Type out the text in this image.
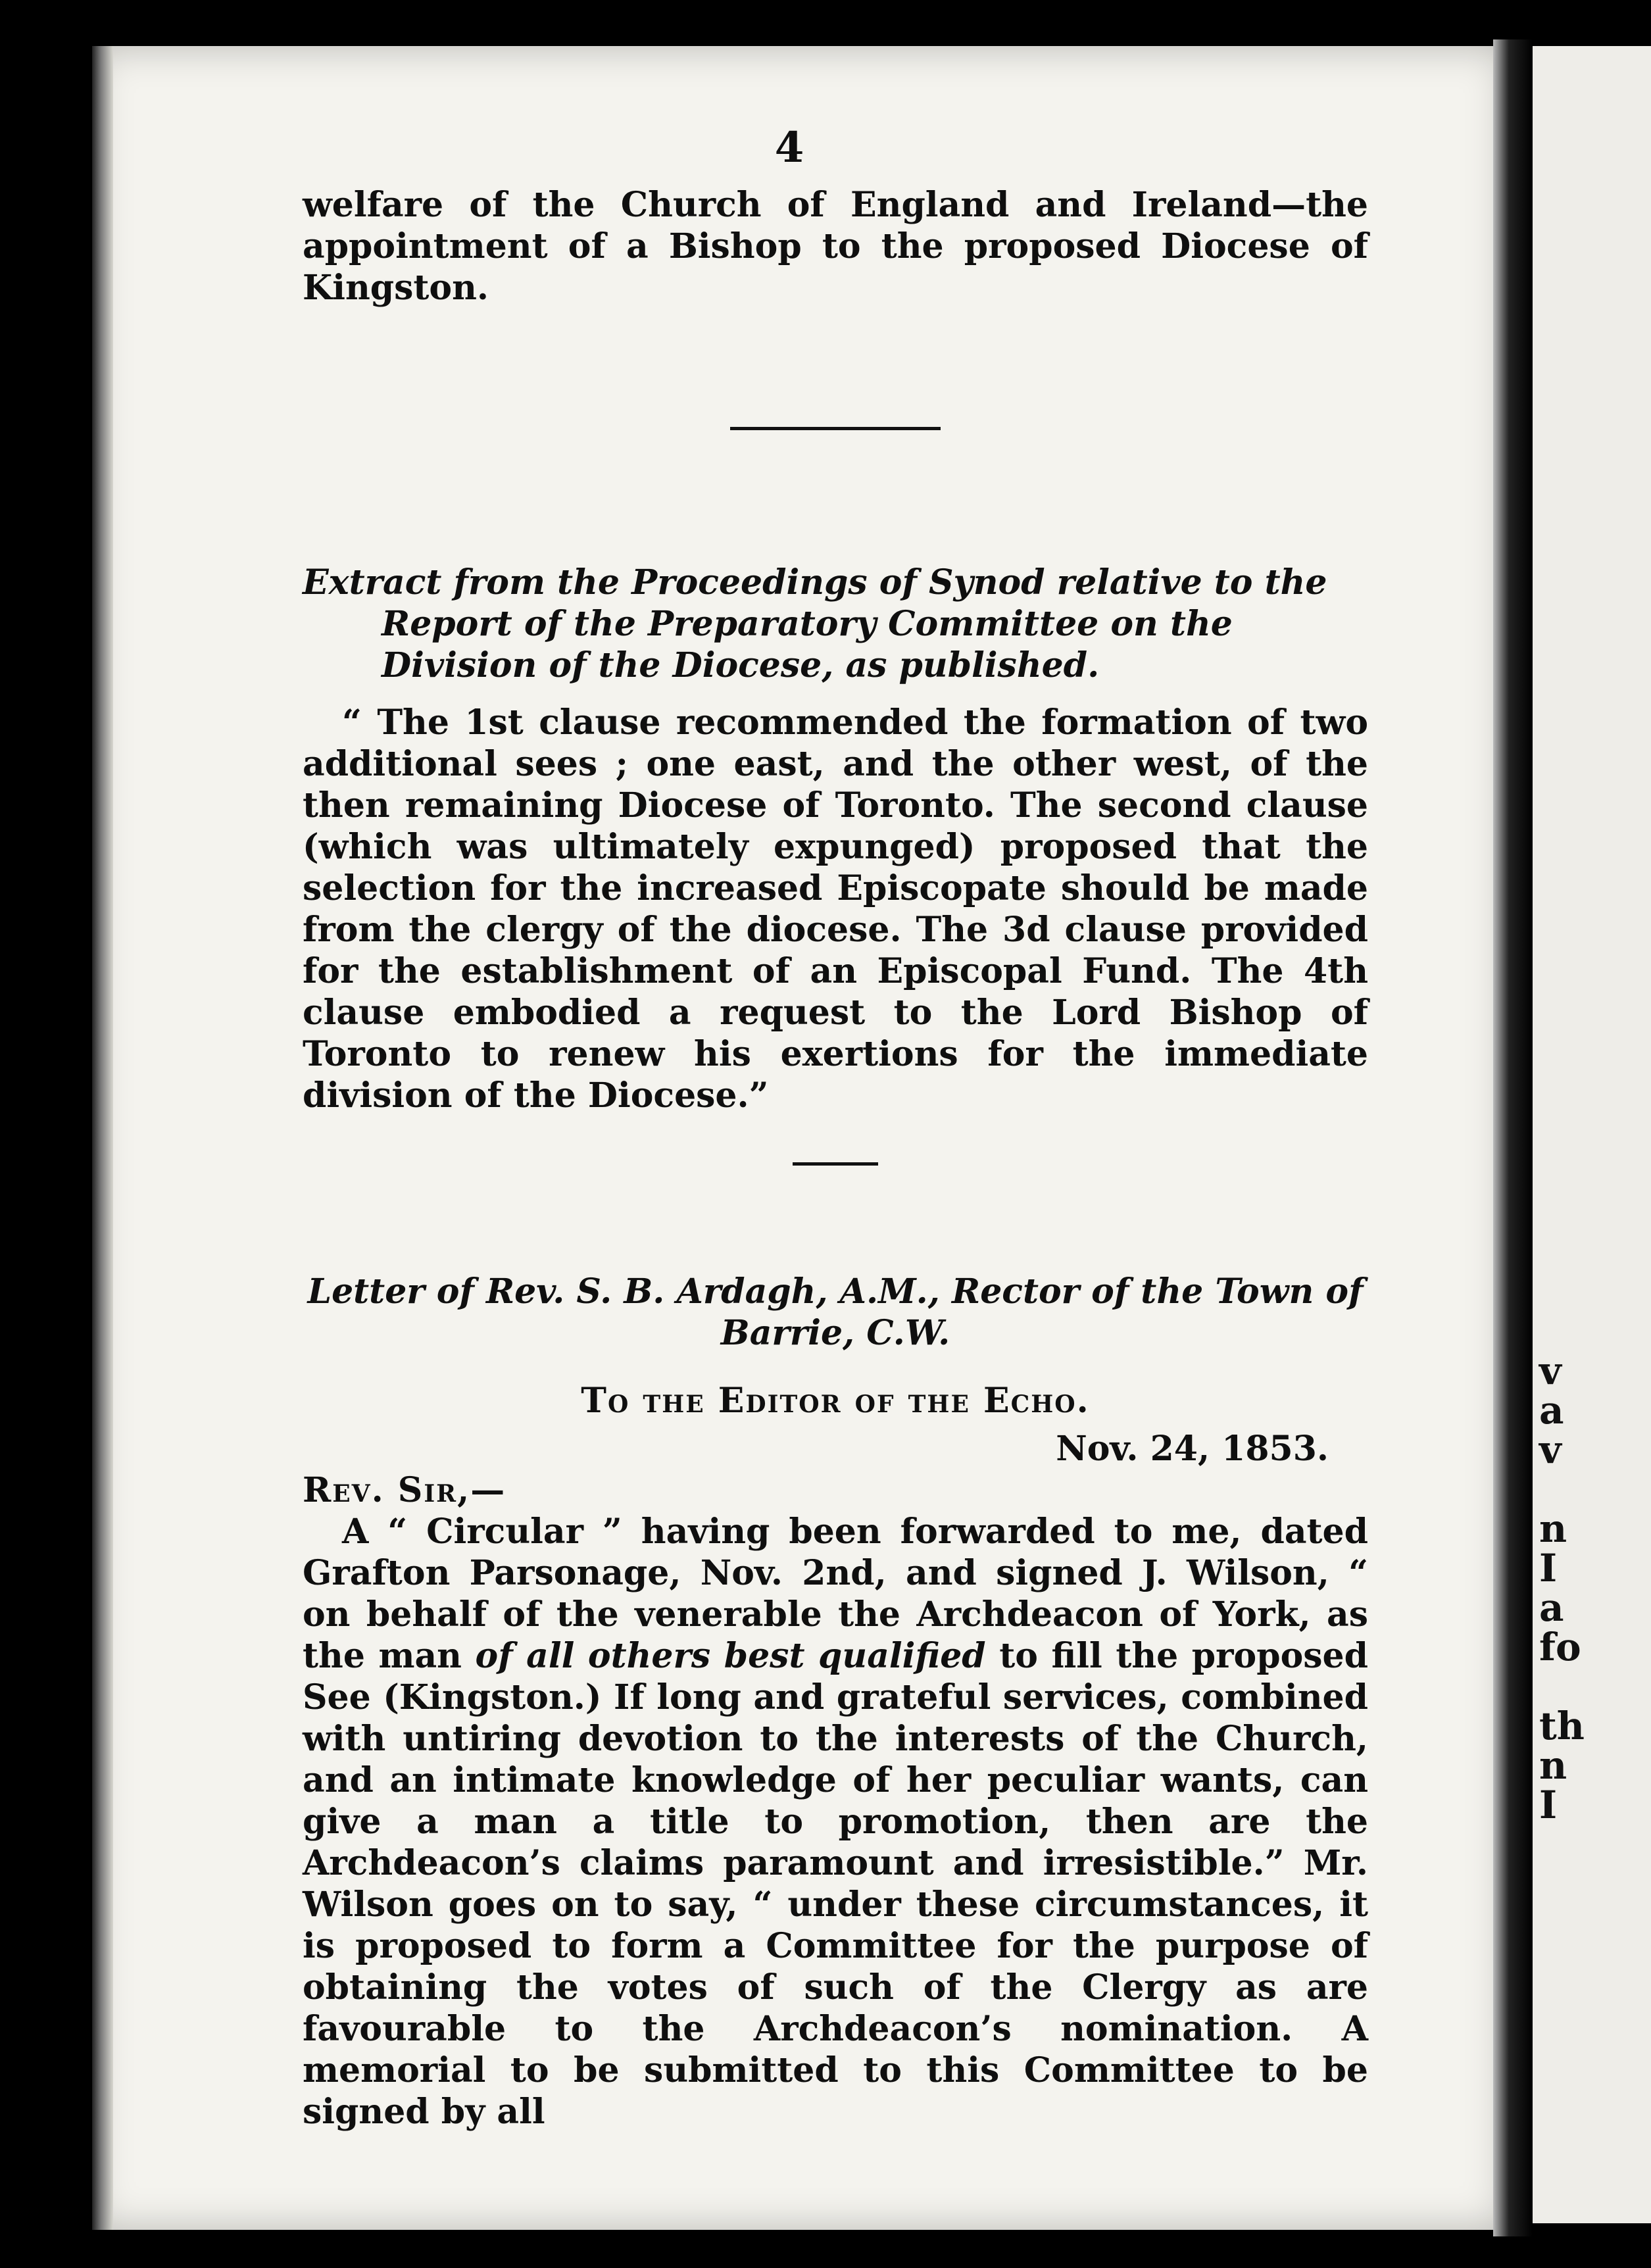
v
a
v
n
I
a
fo
th
n
I
4

welfare of the Church of England and Ireland—the appointment of a Bishop to the proposed Diocese of Kingston.

Extract from the Proceedings of Synod relative to the Report of the Preparatory Committee on the Division of the Diocese, as published.

“ The 1st clause recommended the formation of two additional sees ; one east, and the other west, of the then remaining Diocese of Toronto. The second clause (which was ultimately expunged) proposed that the selection for the increased Episcopate should be made from the clergy of the diocese. The 3d clause provided for the establishment of an Episcopal Fund. The 4th clause embodied a request to the Lord Bishop of Toronto to renew his exertions for the immediate division of the Diocese.”

Letter of Rev. S. B. Ardagh, A.M., Rector of the Town of
Barrie, C.W.

To the Editor of the Echo.

Nov. 24, 1853.

Rev. Sir,—

A “ Circular ” having been forwarded to me, dated Grafton Parsonage, Nov. 2nd, and signed J. Wilson, “ on behalf of the venerable the Archdeacon of York, as the man of all others best qualified to fill the proposed See (Kingston.) If long and grateful services, combined with untiring devotion to the interests of the Church, and an intimate knowledge of her peculiar wants, can give a man a title to promotion, then are the Archdeacon’s claims paramount and irresistible.” Mr. Wilson goes on to say, “ under these circumstances, it is proposed to form a Committee for the purpose of obtaining the votes of such of the Clergy as are favourable to the Archdeacon’s nomination. A memorial to be submitted to this Committee to be signed by all
